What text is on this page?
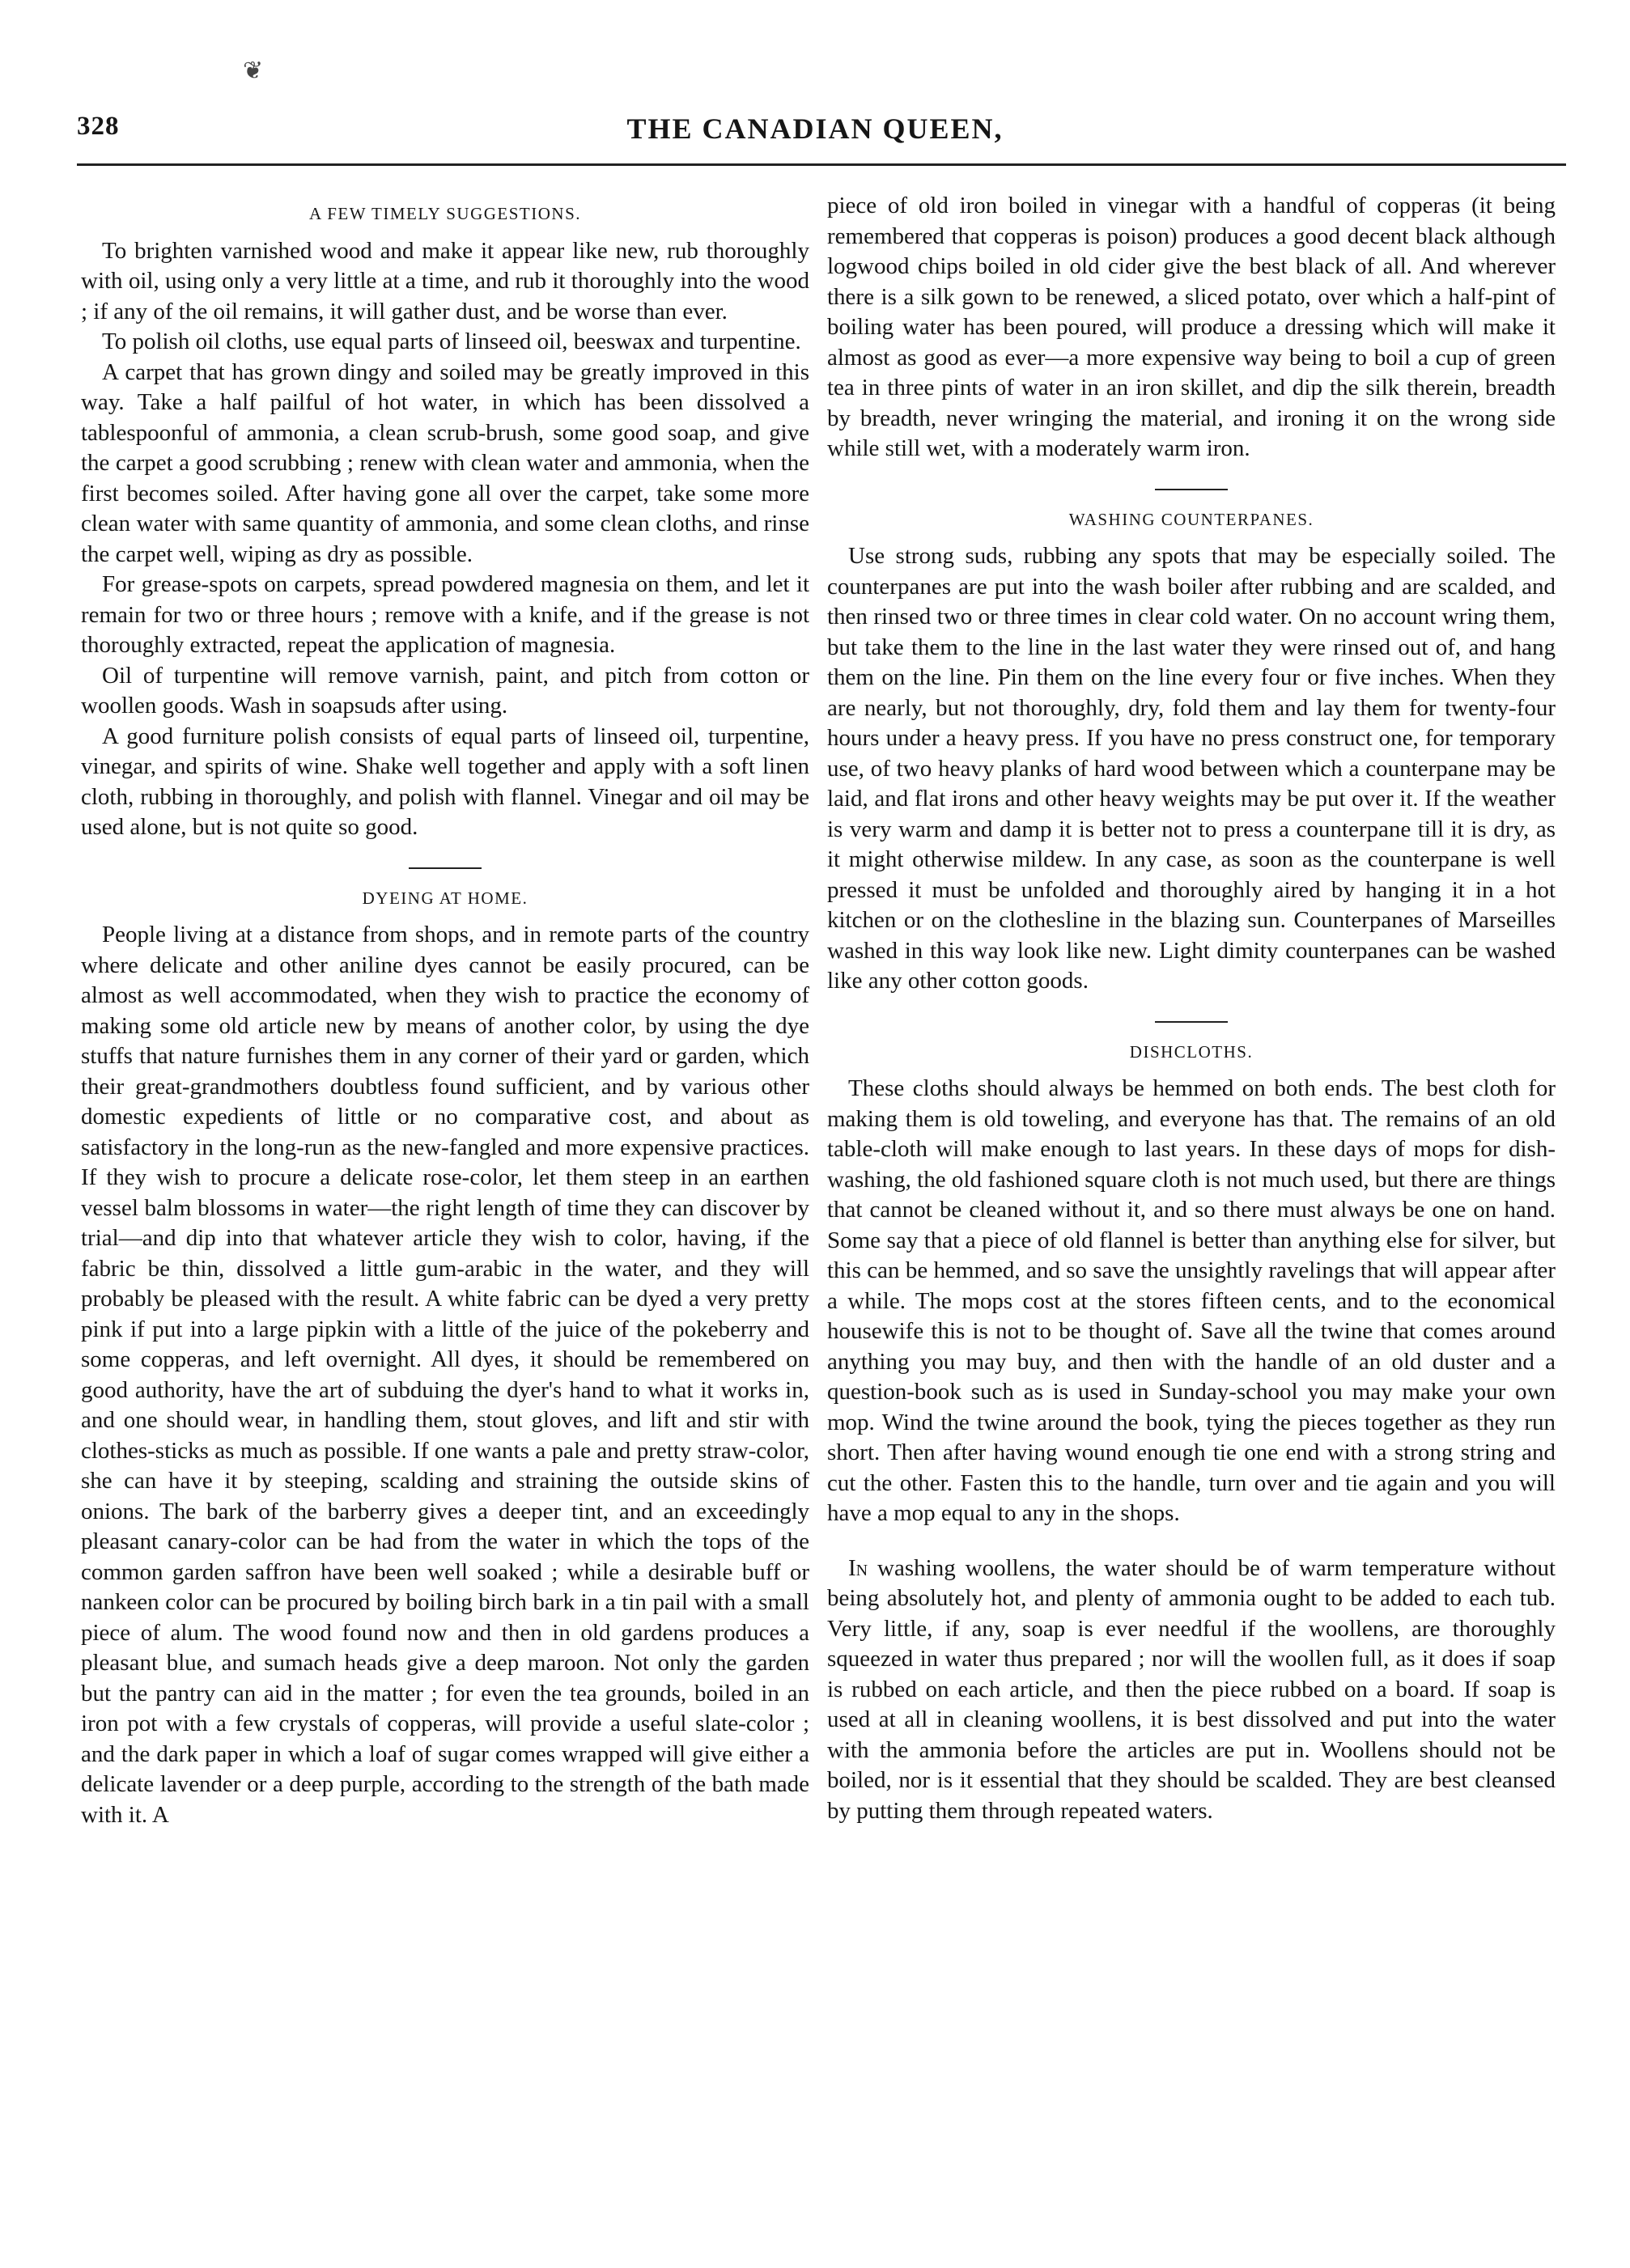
❦
328	THE CANADIAN QUEEN,
A FEW TIMELY SUGGESTIONS.

To brighten varnished wood and make it appear like new, rub thoroughly with oil, using only a very little at a time, and rub it thoroughly into the wood ; if any of the oil remains, it will gather dust, and be worse than ever.

To polish oil cloths, use equal parts of linseed oil, beeswax and turpentine.

A carpet that has grown dingy and soiled may be greatly improved in this way. Take a half pailful of hot water, in which has been dissolved a tablespoonful of ammonia, a clean scrub-brush, some good soap, and give the carpet a good scrubbing ; renew with clean water and ammonia, when the first becomes soiled. After having gone all over the carpet, take some more clean water with same quantity of ammonia, and some clean cloths, and rinse the carpet well, wiping as dry as possible.

For grease-spots on carpets, spread powdered magnesia on them, and let it remain for two or three hours ; remove with a knife, and if the grease is not thoroughly extracted, repeat the application of magnesia.

Oil of turpentine will remove varnish, paint, and pitch from cotton or woollen goods. Wash in soapsuds after using.

A good furniture polish consists of equal parts of linseed oil, turpentine, vinegar, and spirits of wine. Shake well together and apply with a soft linen cloth, rubbing in thoroughly, and polish with flannel. Vinegar and oil may be used alone, but is not quite so good.

DYEING AT HOME.

People living at a distance from shops, and in remote parts of the country where delicate and other aniline dyes cannot be easily procured, can be almost as well accommodated, when they wish to practice the economy of making some old article new by means of another color, by using the dye stuffs that nature furnishes them in any corner of their yard or garden, which their great-grandmothers doubtless found sufficient, and by various other domestic expedients of little or no comparative cost, and about as satisfactory in the long-run as the new-fangled and more expensive practices. If they wish to procure a delicate rose-color, let them steep in an earthen vessel balm blossoms in water—the right length of time they can discover by trial—and dip into that whatever article they wish to color, having, if the fabric be thin, dissolved a little gum-arabic in the water, and they will probably be pleased with the result. A white fabric can be dyed a very pretty pink if put into a large pipkin with a little of the juice of the pokeberry and some copperas, and left overnight. All dyes, it should be remembered on good authority, have the art of subduing the dyer's hand to what it works in, and one should wear, in handling them, stout gloves, and lift and stir with clothes-sticks as much as possible. If one wants a pale and pretty straw-color, she can have it by steeping, scalding and straining the outside skins of onions. The bark of the barberry gives a deeper tint, and an exceedingly pleasant canary-color can be had from the water in which the tops of the common garden saffron have been well soaked ; while a desirable buff or nankeen color can be procured by boiling birch bark in a tin pail with a small piece of alum. The wood found now and then in old gardens produces a pleasant blue, and sumach heads give a deep maroon. Not only the garden but the pantry can aid in the matter ; for even the tea grounds, boiled in an iron pot with a few crystals of copperas, will provide a useful slate-color ; and the dark paper in which a loaf of sugar comes wrapped will give either a delicate lavender or a deep purple, according to the strength of the bath made with it. A

piece of old iron boiled in vinegar with a handful of copperas (it being remembered that copperas is poison) produces a good decent black although logwood chips boiled in old cider give the best black of all. And wherever there is a silk gown to be renewed, a sliced potato, over which a half-pint of boiling water has been poured, will produce a dressing which will make it almost as good as ever—a more expensive way being to boil a cup of green tea in three pints of water in an iron skillet, and dip the silk therein, breadth by breadth, never wringing the material, and ironing it on the wrong side while still wet, with a moderately warm iron.

WASHING COUNTERPANES.

Use strong suds, rubbing any spots that may be especially soiled. The counterpanes are put into the wash boiler after rubbing and are scalded, and then rinsed two or three times in clear cold water. On no account wring them, but take them to the line in the last water they were rinsed out of, and hang them on the line. Pin them on the line every four or five inches. When they are nearly, but not thoroughly, dry, fold them and lay them for twenty-four hours under a heavy press. If you have no press construct one, for temporary use, of two heavy planks of hard wood between which a counterpane may be laid, and flat irons and other heavy weights may be put over it. If the weather is very warm and damp it is better not to press a counterpane till it is dry, as it might otherwise mildew. In any case, as soon as the counterpane is well pressed it must be unfolded and thoroughly aired by hanging it in a hot kitchen or on the clothesline in the blazing sun. Counterpanes of Marseilles washed in this way look like new. Light dimity counterpanes can be washed like any other cotton goods.

DISHCLOTHS.

These cloths should always be hemmed on both ends. The best cloth for making them is old toweling, and everyone has that. The remains of an old table-cloth will make enough to last years. In these days of mops for dish-washing, the old fashioned square cloth is not much used, but there are things that cannot be cleaned without it, and so there must always be one on hand. Some say that a piece of old flannel is better than anything else for silver, but this can be hemmed, and so save the unsightly ravelings that will appear after a while. The mops cost at the stores fifteen cents, and to the economical housewife this is not to be thought of. Save all the twine that comes around anything you may buy, and then with the handle of an old duster and a question-book such as is used in Sunday-school you may make your own mop. Wind the twine around the book, tying the pieces together as they run short. Then after having wound enough tie one end with a strong string and cut the other. Fasten this to the handle, turn over and tie again and you will have a mop equal to any in the shops.

In washing woollens, the water should be of warm temperature without being absolutely hot, and plenty of ammonia ought to be added to each tub. Very little, if any, soap is ever needful if the woollens, are thoroughly squeezed in water thus prepared ; nor will the woollen full, as it does if soap is rubbed on each article, and then the piece rubbed on a board. If soap is used at all in cleaning woollens, it is best dissolved and put into the water with the ammonia before the articles are put in. Woollens should not be boiled, nor is it essential that they should be scalded. They are best cleansed by putting them through repeated waters.
